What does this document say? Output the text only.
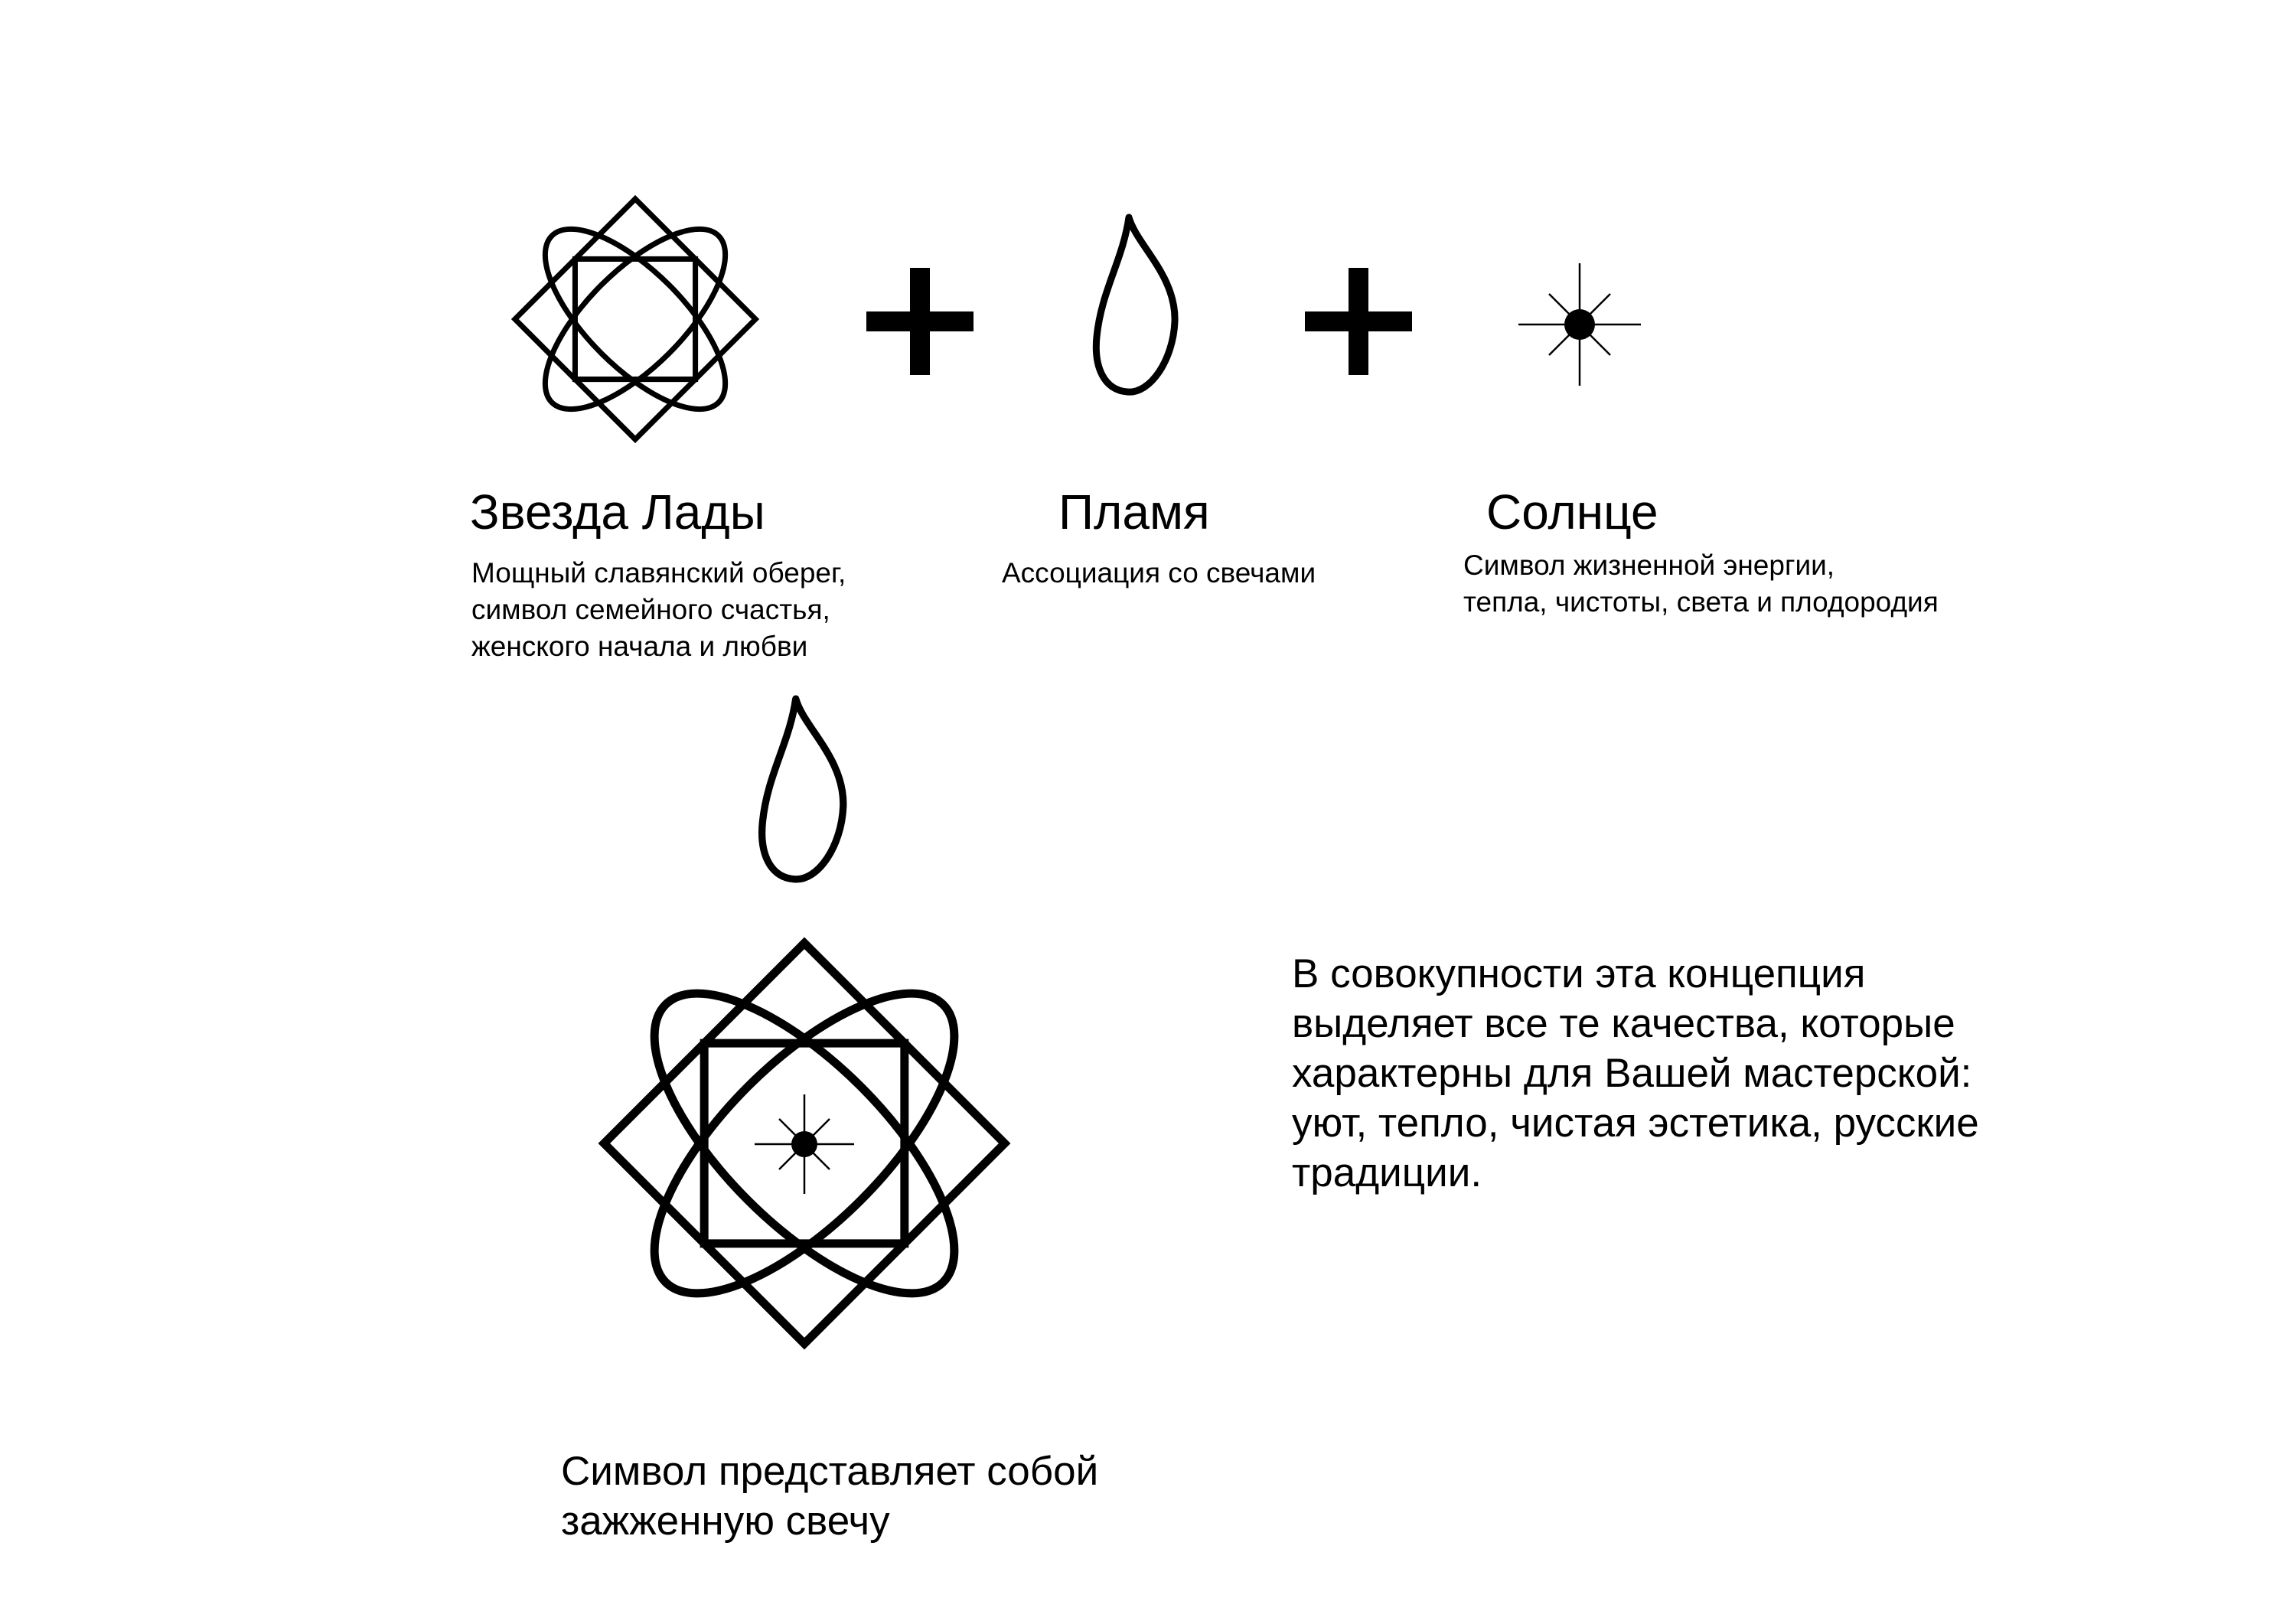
Звезда Лады	Пламя	Солнце
Мощный славянский оберег,
символ семейного счастья,
женского начала и любви
Ассоциация со свечами	Символ жизненной энергии,
тепла, чистоты, света и плодородия
В совокупности эта концепция
выделяет все те качества, которые
характерны для Вашей мастерской:
уют, тепло, чистая эстетика, русские
традиции.
Символ представляет собой
зажженную свечу
